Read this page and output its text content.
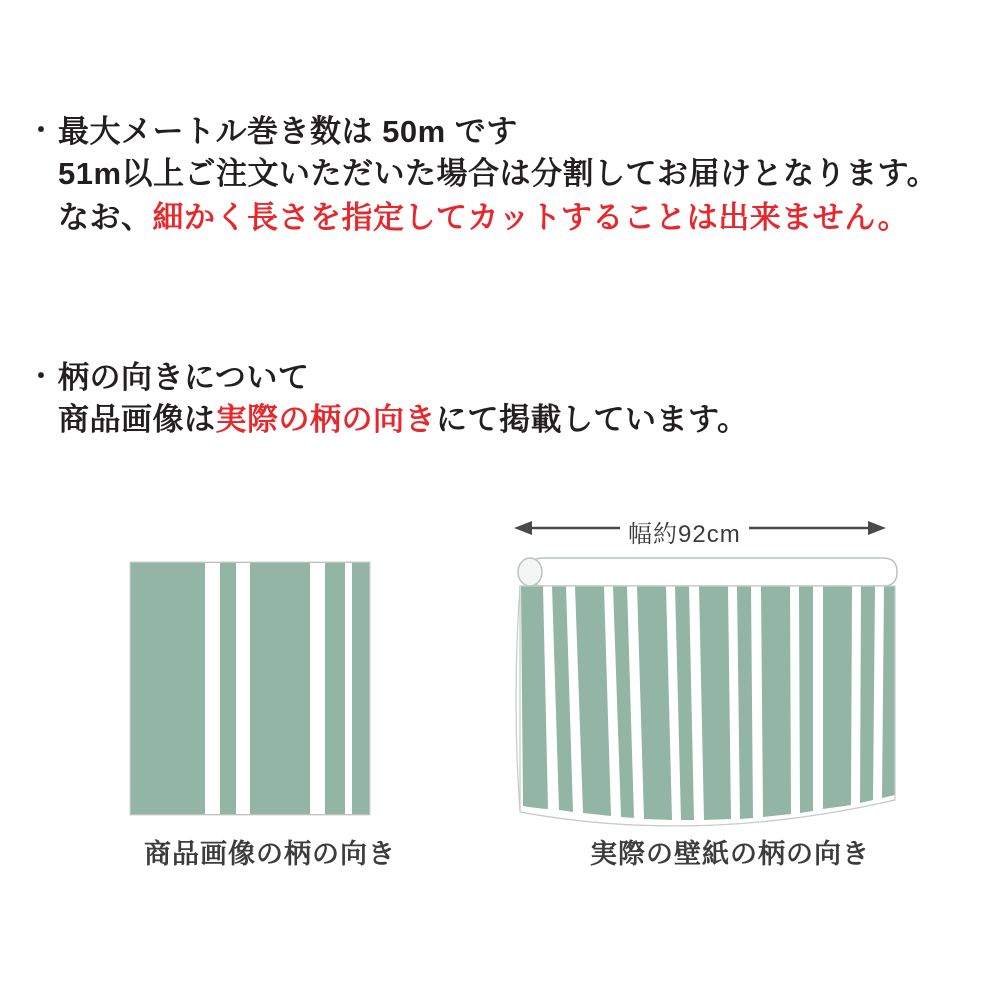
・ 最大メートル巻き数は 50m です
51m以上ご注文いただいた場合は分割してお届けとなります。
なお、細かく長さを指定してカットすることは出来ません。
・ 柄の向きについて
商品画像は実際の柄の向きにて掲載しています。
幅約92cm
商品画像の柄の向き	実際の壁紙の柄の向き
